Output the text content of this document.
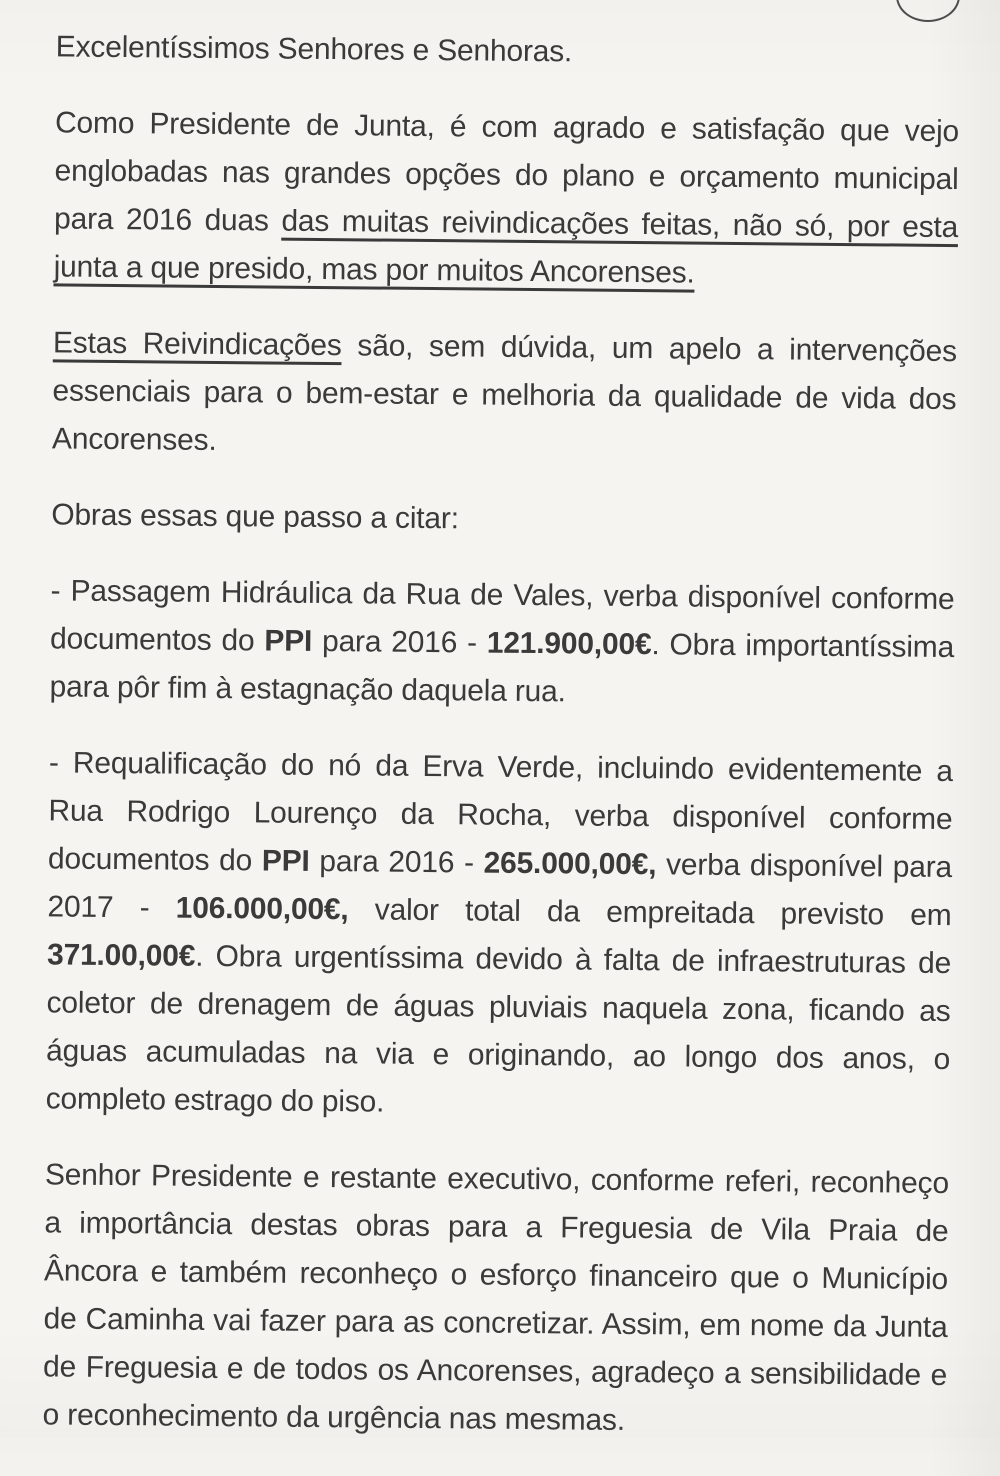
Excelentíssimos Senhores e Senhoras.

Como Presidente de Junta, é com agrado e satisfação que vejo englobadas nas grandes opções do plano e orçamento municipal para 2016 duas das muitas reivindicações feitas, não só, por esta junta a que presido, mas por muitos Ancorenses.

Estas Reivindicações são, sem dúvida, um apelo a intervenções essenciais para o bem-estar e melhoria da qualidade de vida dos Ancorenses.

Obras essas que passo a citar:

- Passagem Hidráulica da Rua de Vales, verba disponível conforme documentos do PPI para 2016 - 121.900,00€. Obra importantíssima para pôr fim à estagnação daquela rua.

- Requalificação do nó da Erva Verde, incluindo evidentemente a Rua Rodrigo Lourenço da Rocha, verba disponível conforme documentos do PPI para 2016 - 265.000,00€, verba disponível para 2017 - 106.000,00€, valor total da empreitada previsto em 371.00,00€. Obra urgentíssima devido à falta de infraestruturas de coletor de drenagem de águas pluviais naquela zona, ficando as águas acumuladas na via e originando, ao longo dos anos, o completo estrago do piso.

Senhor Presidente e restante executivo, conforme referi, reconheço a importância destas obras para a Freguesia de Vila Praia de Âncora e também reconheço o esforço financeiro que o Município de Caminha vai fazer para as concretizar. Assim, em nome da Junta de Freguesia e de todos os Ancorenses, agradeço a sensibilidade e o reconhecimento da urgência nas mesmas.
